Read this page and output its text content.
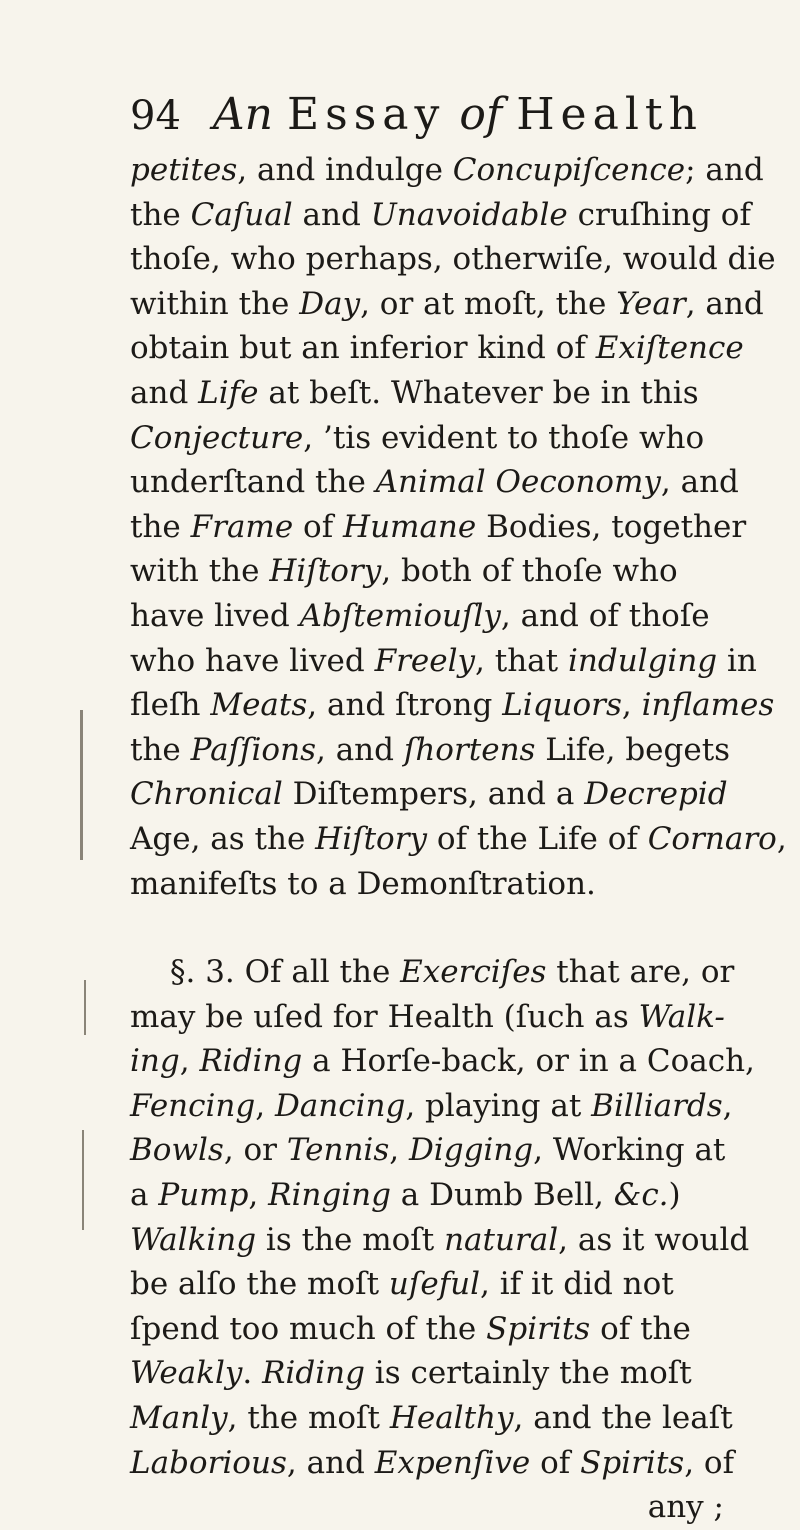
94 An Essay of Health
petites, and indulge Concupiſcence; and
the Caſual and Unavoidable cruſhing of
thoſe, who perhaps, otherwiſe, would die
within the Day, or at moſt, the Year, and
obtain but an inferior kind of Exiſtence
and Life at beſt. Whatever be in this
Conjecture, ’tis evident to thoſe who
underſtand the Animal Oeconomy, and
the Frame of Humane Bodies, together
with the Hiſtory, both of thoſe who
have lived Abſtemiouſly, and of thoſe
who have lived Freely, that indulging in
fleſh Meats, and ſtrong Liquors, inflames
the Paſſions, and ſhortens Life, begets
Chronical Diſtempers, and a Decrepid
Age, as the Hiſtory of the Life of Cornaro,
manifeſts to a Demonſtration.
§. 3. Of all the Exerciſes that are, or
may be uſed for Health (ſuch as Walk-
ing, Riding a Horſe-back, or in a Coach,
Fencing, Dancing, playing at Billiards,
Bowls, or Tennis, Digging, Working at
a Pump, Ringing a Dumb Bell, &c.)
Walking is the moſt natural, as it would
be alſo the moſt uſeful, if it did not
ſpend too much of the Spirits of the
Weakly. Riding is certainly the moſt
Manly, the moſt Healthy, and the leaſt
Laborious, and Expenſive of Spirits, of
any ;
